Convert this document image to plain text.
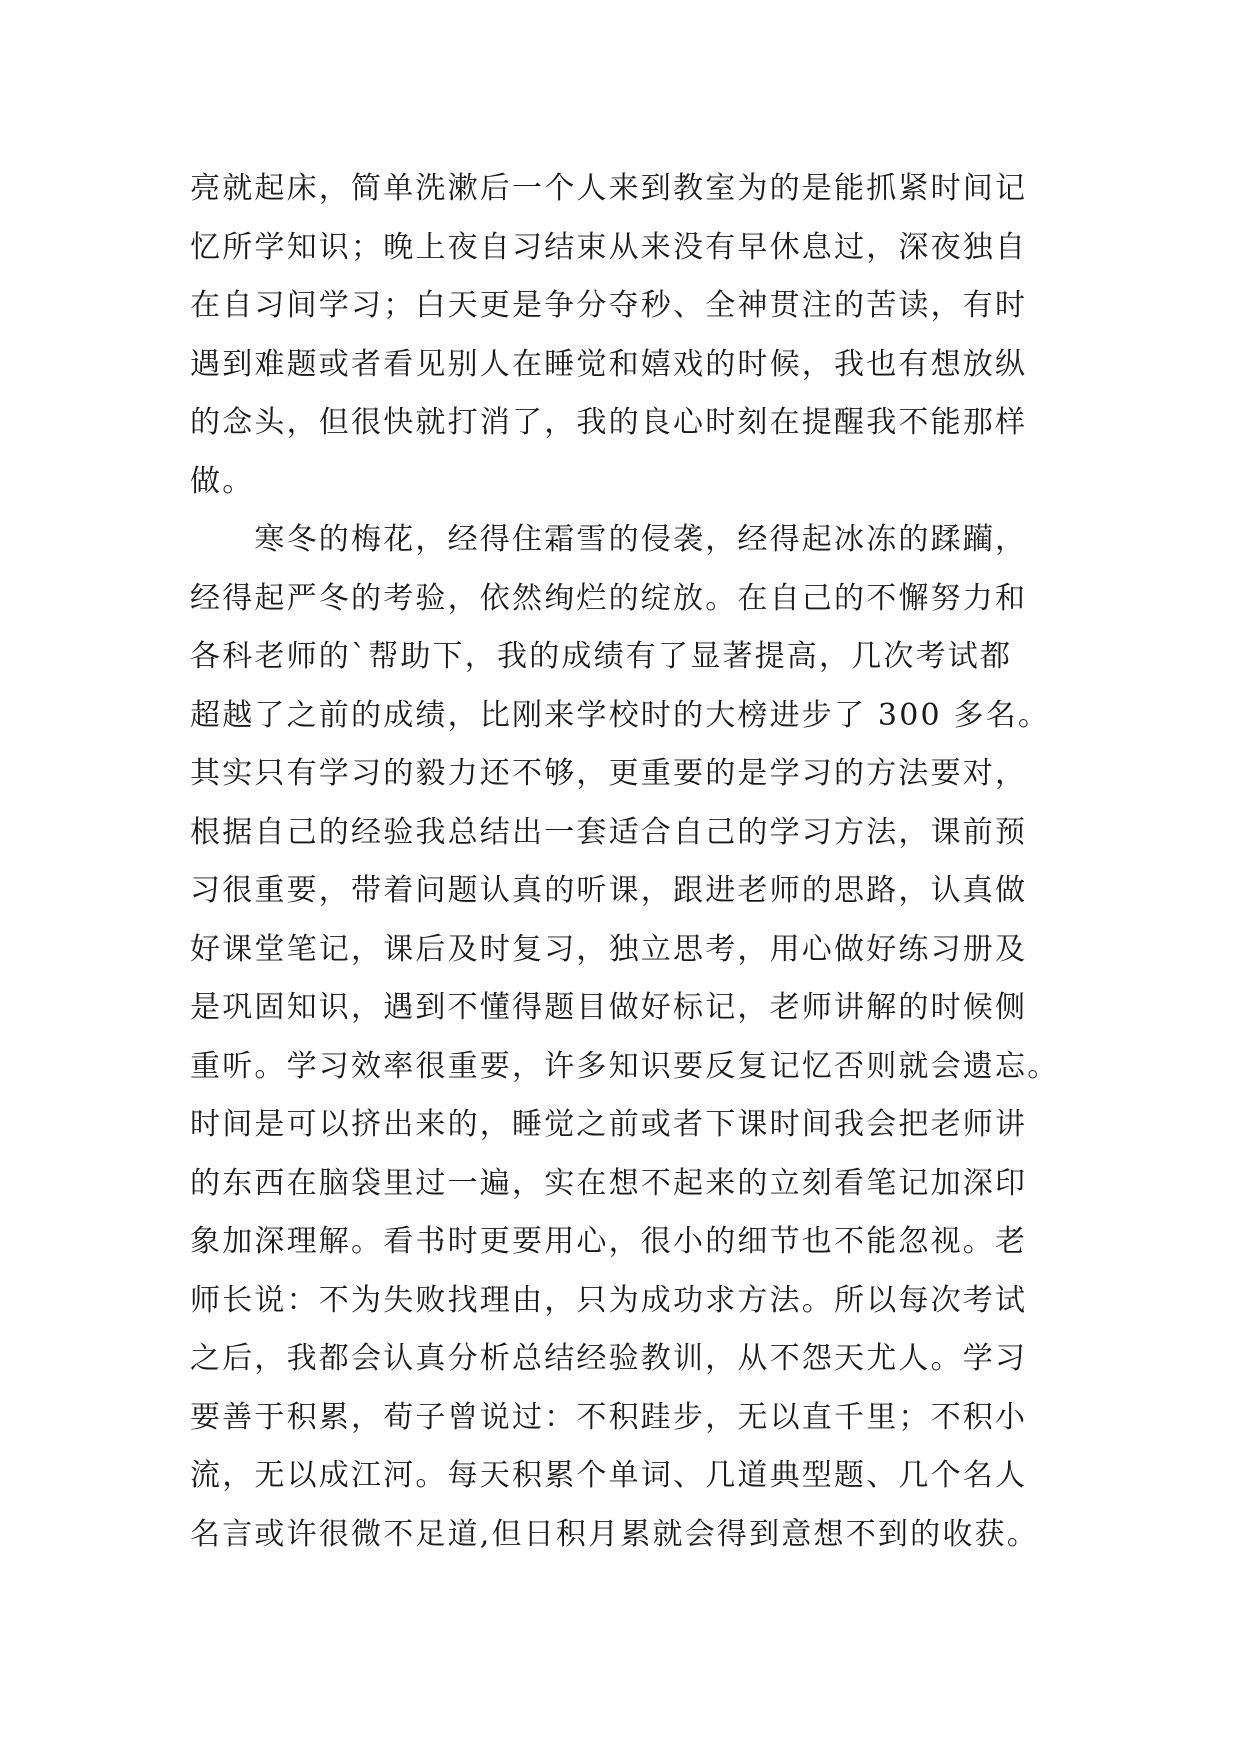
亮就起床，简单洗漱后一个人来到教室为的是能抓紧时间记
忆所学知识；晚上夜自习结束从来没有早休息过，深夜独自
在自习间学习；白天更是争分夺秒、全神贯注的苦读，有时
遇到难题或者看见别人在睡觉和嬉戏的时候，我也有想放纵
的念头，但很快就打消了，我的良心时刻在提醒我不能那样
做。
　　寒冬的梅花，经得住霜雪的侵袭，经得起冰冻的蹂躏，
经得起严冬的考验，依然绚烂的绽放。在自己的不懈努力和
各科老师的`帮助下，我的成绩有了显著提高，几次考试都
超越了之前的成绩，比刚来学校时的大榜进步了 300 多名。
其实只有学习的毅力还不够，更重要的是学习的方法要对，
根据自己的经验我总结出一套适合自己的学习方法，课前预
习很重要，带着问题认真的听课，跟进老师的思路，认真做
好课堂笔记，课后及时复习，独立思考，用心做好练习册及
是巩固知识，遇到不懂得题目做好标记，老师讲解的时候侧
重听。学习效率很重要，许多知识要反复记忆否则就会遗忘。
时间是可以挤出来的，睡觉之前或者下课时间我会把老师讲
的东西在脑袋里过一遍，实在想不起来的立刻看笔记加深印
象加深理解。看书时更要用心，很小的细节也不能忽视。老
师长说：不为失败找理由，只为成功求方法。所以每次考试
之后，我都会认真分析总结经验教训，从不怨天尤人。学习
要善于积累，荀子曾说过：不积跬步，无以直千里；不积小
流，无以成江河。每天积累个单词、几道典型题、几个名人
名言或许很微不足道,但日积月累就会得到意想不到的收获。
